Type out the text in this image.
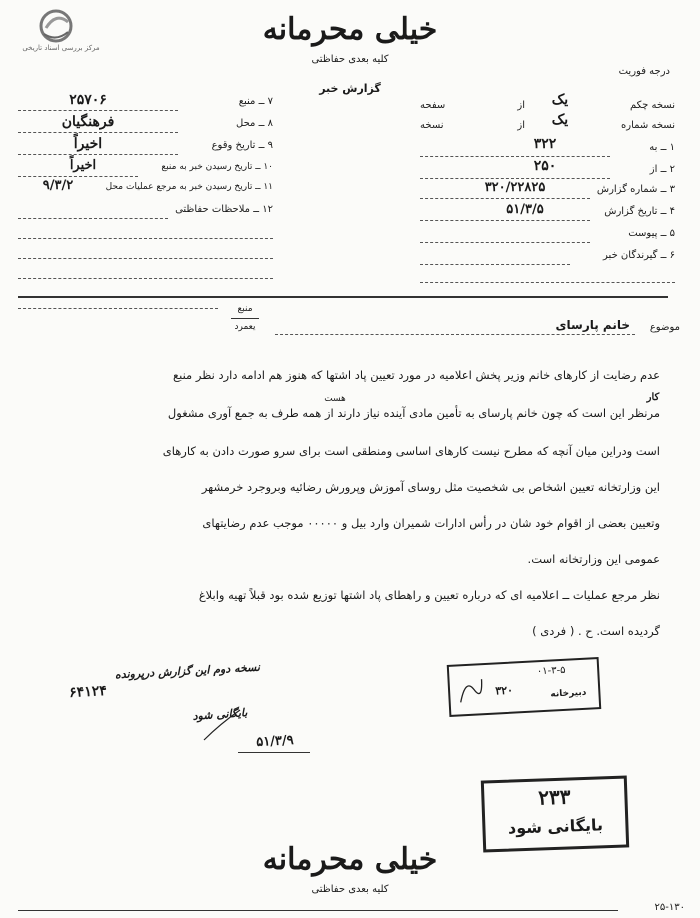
مرکز بررسی اسناد تاریخی
خیلی محرمانه
کلیه بعدی حفاظتی
گزارش خبر
درجه فوریت
۷ ــ منبع
۲۵۷۰۶
۸ ــ محل
فرهنگیان
۹ ــ تاریخ وقوع
اخیراً
۱۰ ــ تاریخ رسیدن خبر به منبع
اخیراً
۱۱ ــ تاریخ رسیدن خبر به مرجع عملیات محل
۹/۳/۲
۱۲ ــ ملاحظات حفاظتی
نسخه چکم
یک
از
سفحه
نسخه شماره
یک
از
نسخه
۱ ــ به
۳۲۲
۲ ــ از
۲۵۰
۳ ــ شماره گزارش
۳۲۰/۲۲۸۲۵
۴ ــ تاریخ گزارش
۵۱/۳/۵
۵ ــ پیوست
۶ ــ گیرندگان خبر
منبع
یعمرد	موضوع
خانم پارسای
کار
هست
عدم رضایت از کارهای خانم وزیر پخش اعلامیه در مورد تعیین پاد اشتها که هنوز هم ادامه دارد نظر منبع
مرنظر این است که چون خانم پارسای به تأمین مادی آینده نیاز دارند از همه طرف به جمع آوری مشغول
است ودراین میان آنچه که مطرح نیست کارهای اساسی ومنطقی است برای سرو صورت دادن به کارهای
این وزارتخانه تعیین اشخاص بی شخصیت مثل روسای آموزش وپرورش رضائیه وبروجرد خرمشهر
وتعیین بعضی از اقوام خود شان در رأس ادارات شمیران وارد بیل و ٠٠٠٠٠ موجب عدم رضایتهای
عمومی این وزارتخانه است.
نظر مرجع عملیات ــ اعلامیه ای که درباره تعیین و راهطای پاد اشتها توزیع شده بود قبلاً تهیه وابلاغ
گردیده است. ح . ( فردی )
نسخه دوم این گزارش درپرونده
۶۴۱۲۴
بایگانی شود
۵۱/۳/۹
۰۱-۳-۵
دبیرخانه
۳۲۰
۲۳۳
بایگانی شود
خیلی محرمانه
کلیه بعدی حفاظتی
۲۵-۱۳۰
